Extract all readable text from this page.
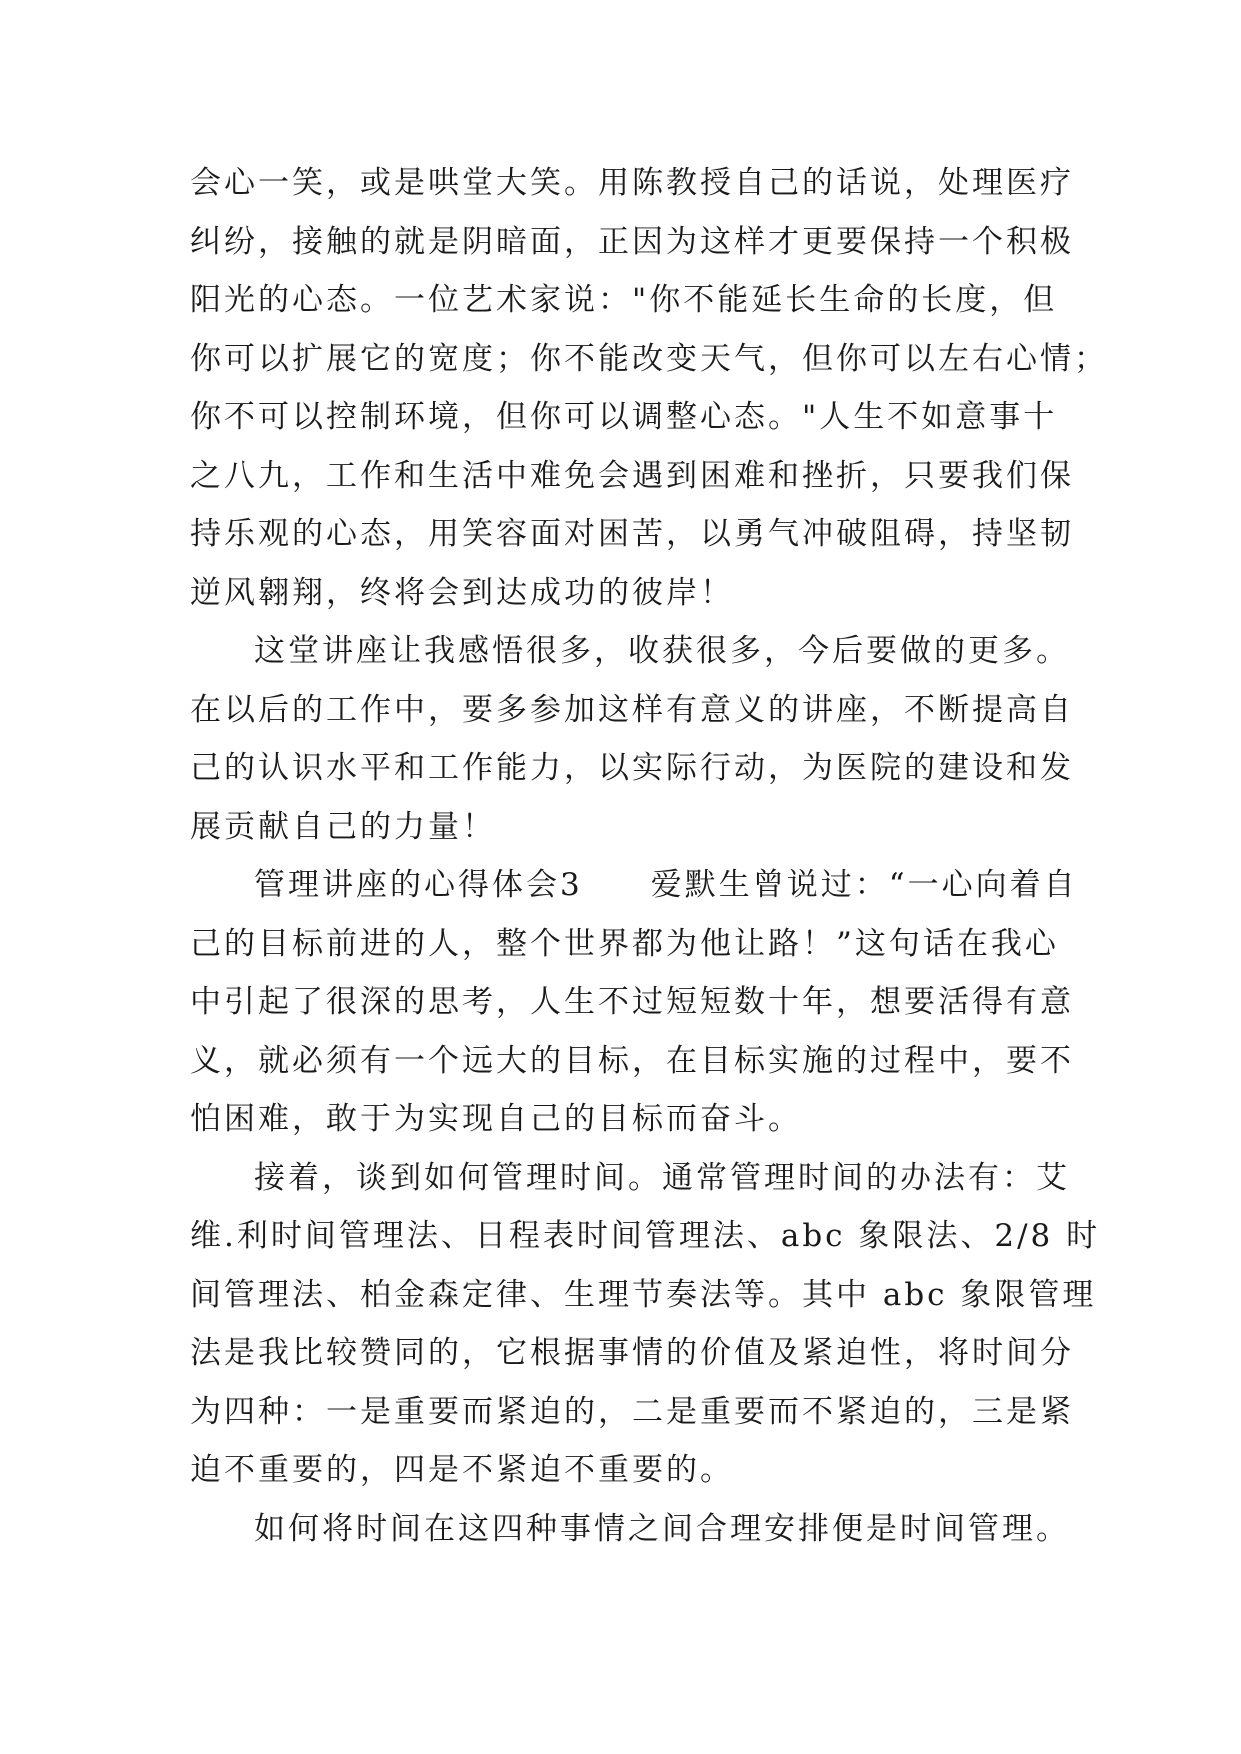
会心一笑，或是哄堂大笑。用陈教授自己的话说，处理医疗
纠纷，接触的就是阴暗面，正因为这样才更要保持一个积极
阳光的心态。一位艺术家说："你不能延长生命的长度，但
你可以扩展它的宽度；你不能改变天气，但你可以左右心情；
你不可以控制环境，但你可以调整心态。"人生不如意事十
之八九，工作和生活中难免会遇到困难和挫折，只要我们保
持乐观的心态，用笑容面对困苦，以勇气冲破阻碍，持坚韧
逆风翱翔，终将会到达成功的彼岸！
这堂讲座让我感悟很多，收获很多，今后要做的更多。
在以后的工作中，要多参加这样有意义的讲座，不断提高自
己的认识水平和工作能力，以实际行动，为医院的建设和发
展贡献自己的力量！
管理讲座的心得体会3　　爱默生曾说过：“一心向着自
己的目标前进的人，整个世界都为他让路！”这句话在我心
中引起了很深的思考，人生不过短短数十年，想要活得有意
义，就必须有一个远大的目标，在目标实施的过程中，要不
怕困难，敢于为实现自己的目标而奋斗。
接着，谈到如何管理时间。通常管理时间的办法有：艾
维.利时间管理法、日程表时间管理法、abc 象限法、2/8 时
间管理法、柏金森定律、生理节奏法等。其中 abc 象限管理
法是我比较赞同的，它根据事情的价值及紧迫性，将时间分
为四种：一是重要而紧迫的，二是重要而不紧迫的，三是紧
迫不重要的，四是不紧迫不重要的。
如何将时间在这四种事情之间合理安排便是时间管理。
